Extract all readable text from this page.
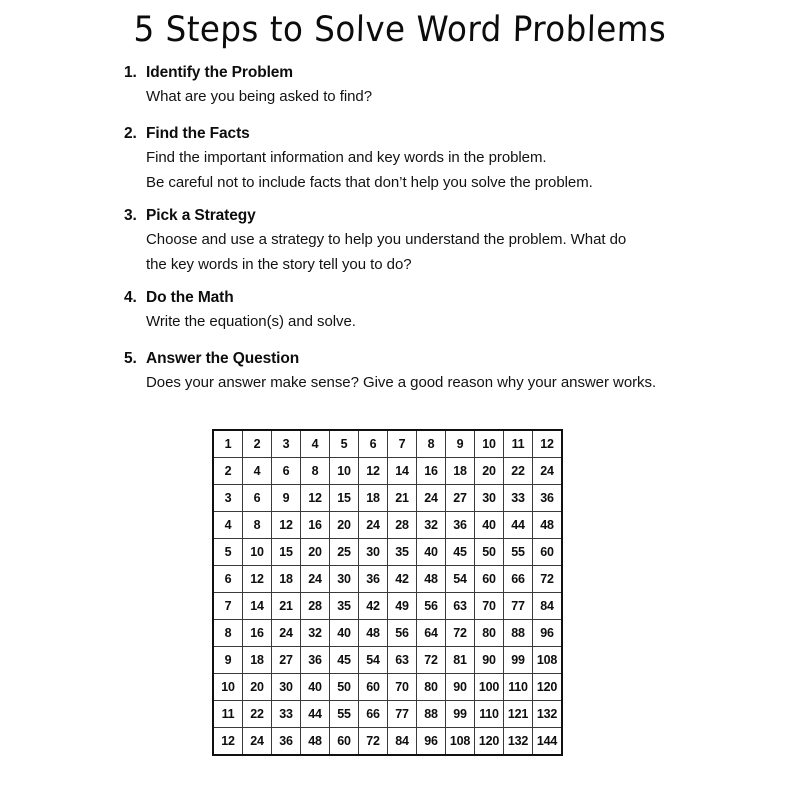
5 Steps to Solve Word Problems
1. Identify the Problem
What are you being asked to find?
2. Find the Facts
Find the important information and key words in the problem.
Be careful not to include facts that don’t help you solve the problem.
3. Pick a Strategy
Choose and use a strategy to help you understand the problem. What do
the key words in the story tell you to do?
4. Do the Math
Write the equation(s) and solve.
5. Answer the Question
Does your answer make sense? Give a good reason why your answer works.
1	2	3	4	5	6	7	8	9	10	11	12
2	4	6	8	10	12	14	16	18	20	22	24
3	6	9	12	15	18	21	24	27	30	33	36
4	8	12	16	20	24	28	32	36	40	44	48
5	10	15	20	25	30	35	40	45	50	55	60
6	12	18	24	30	36	42	48	54	60	66	72
7	14	21	28	35	42	49	56	63	70	77	84
8	16	24	32	40	48	56	64	72	80	88	96
9	18	27	36	45	54	63	72	81	90	99	108
10	20	30	40	50	60	70	80	90	100	110	120
11	22	33	44	55	66	77	88	99	110	121	132
12	24	36	48	60	72	84	96	108	120	132	144
